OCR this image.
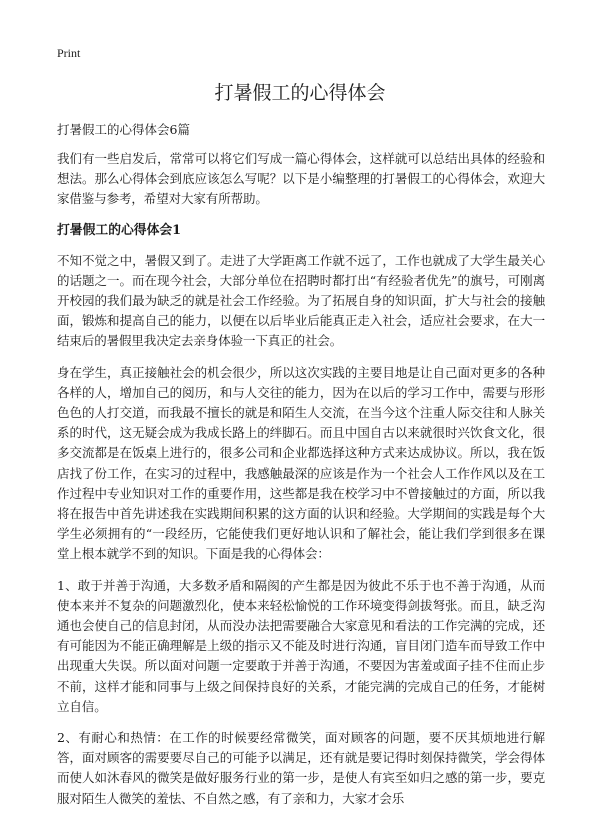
Print
打暑假工的心得体会

打暑假工的心得体会6篇

我们有一些启发后，常常可以将它们写成一篇心得体会，这样就可以总结出具体的经验和想法。那么心得体会到底应该怎么写呢？以下是小编整理的打暑假工的心得体会，欢迎大家借鉴与参考，希望对大家有所帮助。

打暑假工的心得体会1

不知不觉之中，暑假又到了。走进了大学距离工作就不远了，工作也就成了大学生最关心的话题之一。而在现今社会，大部分单位在招聘时都打出“有经验者优先”的旗号，可刚离开校园的我们最为缺乏的就是社会工作经验。为了拓展自身的知识面，扩大与社会的接触面，锻炼和提高自己的能力，以便在以后毕业后能真正走入社会，适应社会要求，在大一结束后的暑假里我决定去亲身体验一下真正的社会。

身在学生，真正接触社会的机会很少，所以这次实践的主要目地是让自己面对更多的各种各样的人，增加自己的阅历，和与人交往的能力，因为在以后的学习工作中，需要与形形色色的人打交道，而我最不擅长的就是和陌生人交流，在当今这个注重人际交往和人脉关系的时代，这无疑会成为我成长路上的绊脚石。而且中国自古以来就很时兴饮食文化，很多交流都是在饭桌上进行的，很多公司和企业都选择这种方式来达成协议。所以，我在饭店找了份工作，在实习的过程中，我感触最深的应该是作为一个社会人工作作风以及在工作过程中专业知识对工作的重要作用，这些都是我在校学习中不曾接触过的方面，所以我将在报告中首先讲述我在实践期间积累的这方面的认识和经验。大学期间的实践是每个大学生必须拥有的“一段经历，它能使我们更好地认识和了解社会，能让我们学到很多在课堂上根本就学不到的知识。下面是我的心得体会：

1、敢于并善于沟通，大多数矛盾和隔阂的产生都是因为彼此不乐于也不善于沟通，从而使本来并不复杂的问题激烈化，使本来轻松愉悦的工作环境变得剑拔弩张。而且，缺乏沟通也会使自己的信息封闭，从而没办法把需要融合大家意见和看法的工作完满的完成，还有可能因为不能正确理解是上级的指示又不能及时进行沟通，盲目闭门造车而导致工作中出现重大失误。所以面对问题一定要敢于并善于沟通，不要因为害羞或面子挂不住而止步不前，这样才能和同事与上级之间保持良好的关系，才能完满的完成自己的任务，才能树立自信。

2、有耐心和热情：在工作的时候要经常微笑，面对顾客的问题，要不厌其烦地进行解答，面对顾客的需要要尽自己的可能予以满足，还有就是要记得时刻保持微笑，学会得体而使人如沐春风的微笑是做好服务行业的第一步，是使人有宾至如归之感的第一步，要克服对陌生人微笑的羞怯、不自然之感，有了亲和力，大家才会乐
